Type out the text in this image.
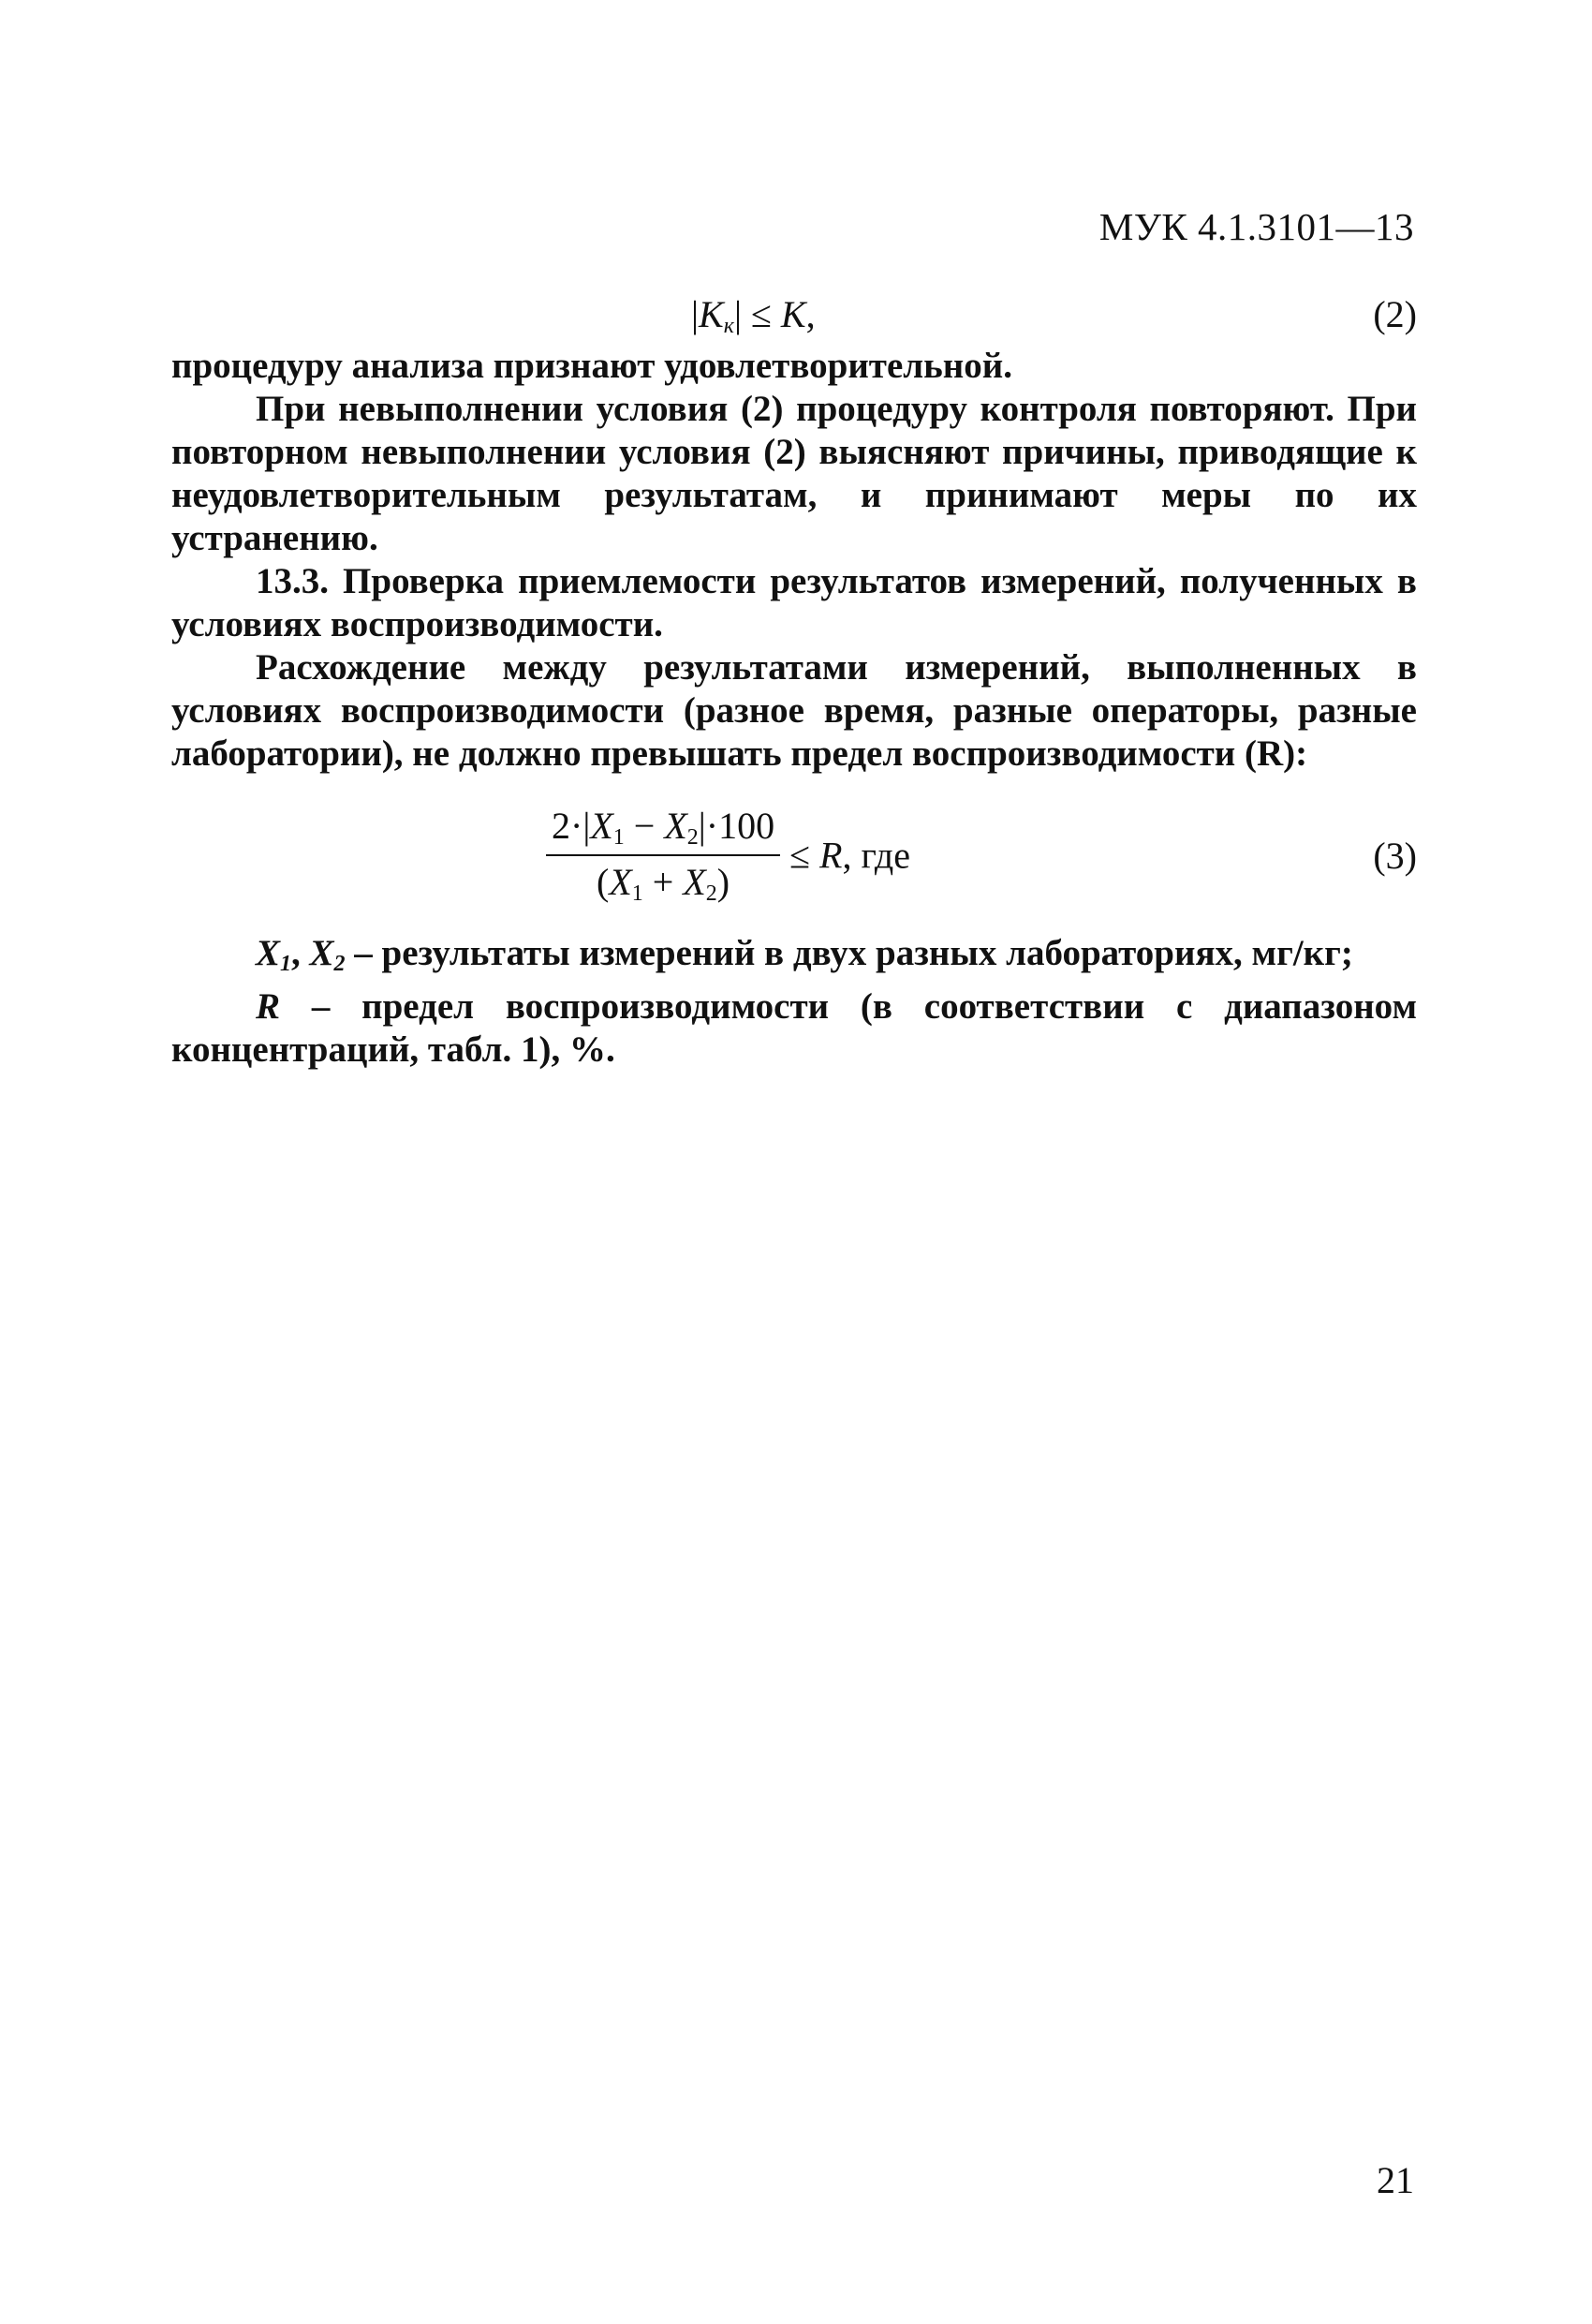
МУК 4.1.3101—13
$|K_к| \le K$,	(2)

процедуру анализа признают удовлетворительной.

При невыполнении условия (2) процедуру контроля повторяют. При повторном невыполнении условия (2) выясняют причины, приводящие к неудовлетворительным результатам, и принимают меры по их устранению.

13.3. Проверка приемлемости результатов измерений, полученных в условиях воспроизводимости.

Расхождение между результатами измерений, выполненных в условиях воспроизводимости (разное время, разные операторы, разные лаборатории), не должно превышать предел воспроизводимости (R):

$\frac{2\cdot|X_1 - X_2|\cdot 100}{(X_1 + X_2)} \le R$, где	(3)

$X_1$, $X_2$ – результаты измерений в двух разных лабораториях, мг/кг;

R – предел воспроизводимости (в соответствии с диапазоном концентраций, табл. 1), %.

21
